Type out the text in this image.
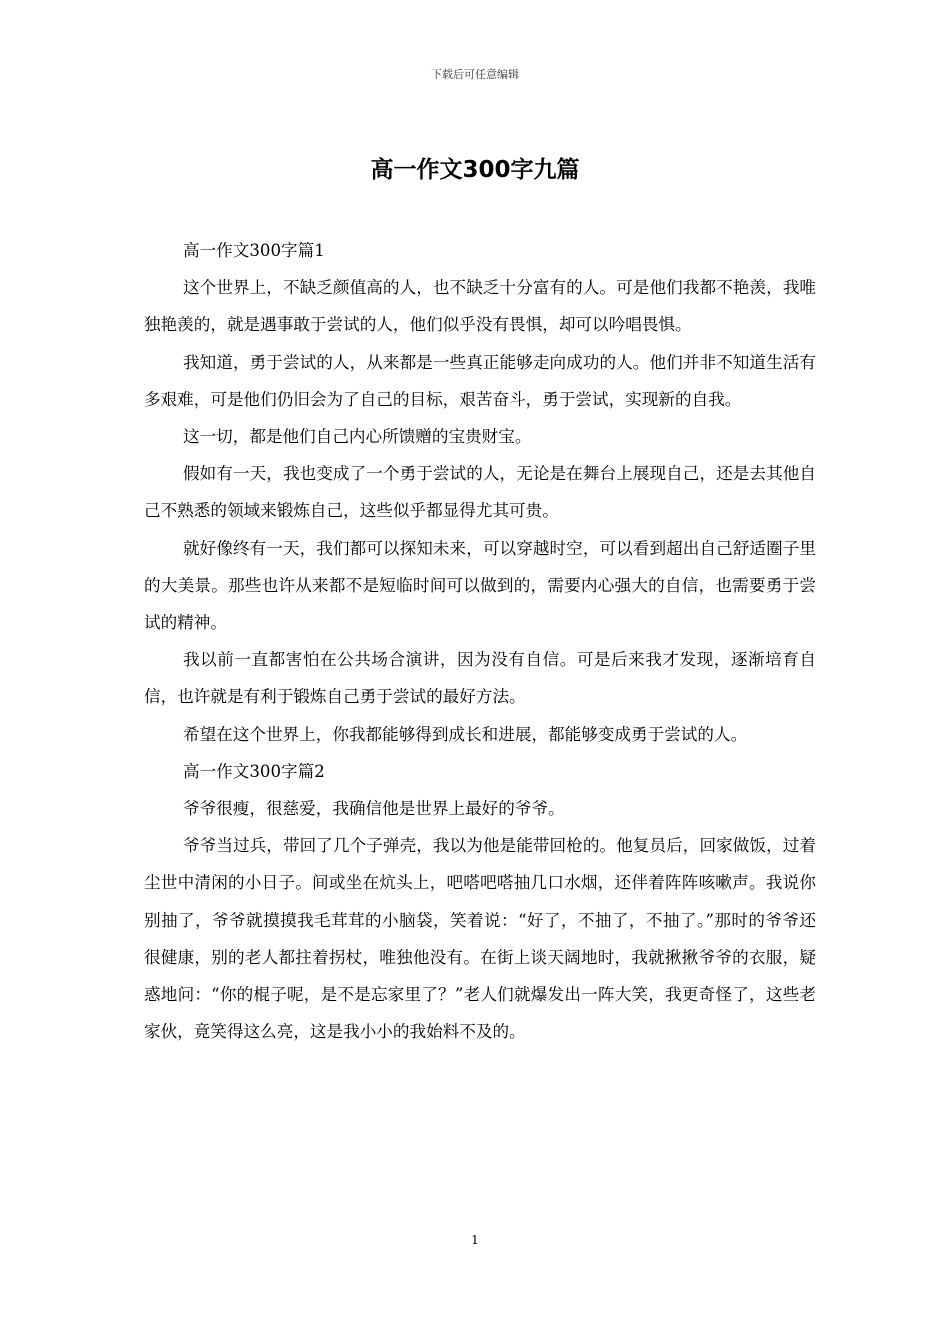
下载后可任意编辑
高一作文300字九篇

高一作文300字篇1

这个世界上，不缺乏颜值高的人，也不缺乏十分富有的人。可是他们我都不艳羡，我唯独艳羡的，就是遇事敢于尝试的人，他们似乎没有畏惧，却可以吟唱畏惧。

我知道，勇于尝试的人，从来都是一些真正能够走向成功的人。他们并非不知道生活有多艰难，可是他们仍旧会为了自己的目标，艰苦奋斗，勇于尝试，实现新的自我。

这一切，都是他们自己内心所馈赠的宝贵财宝。

假如有一天，我也变成了一个勇于尝试的人，无论是在舞台上展现自己，还是去其他自己不熟悉的领域来锻炼自己，这些似乎都显得尤其可贵。

就好像终有一天，我们都可以探知未来，可以穿越时空，可以看到超出自己舒适圈子里的大美景。那些也许从来都不是短临时间可以做到的，需要内心强大的自信，也需要勇于尝试的精神。

我以前一直都害怕在公共场合演讲，因为没有自信。可是后来我才发现，逐渐培育自信，也许就是有利于锻炼自己勇于尝试的最好方法。

希望在这个世界上，你我都能够得到成长和进展，都能够变成勇于尝试的人。

高一作文300字篇2

爷爷很瘦，很慈爱，我确信他是世界上最好的爷爷。

爷爷当过兵，带回了几个子弹壳，我以为他是能带回枪的。他复员后，回家做饭，过着尘世中清闲的小日子。间或坐在炕头上，吧嗒吧嗒抽几口水烟，还伴着阵阵咳嗽声。我说你别抽了，爷爷就摸摸我毛茸茸的小脑袋，笑着说：“好了，不抽了，不抽了。”那时的爷爷还很健康，别的老人都拄着拐杖，唯独他没有。在街上谈天阔地时，我就揪揪爷爷的衣服，疑惑地问：“你的棍子呢，是不是忘家里了？”老人们就爆发出一阵大笑，我更奇怪了，这些老家伙，竟笑得这么亮，这是我小小的我始料不及的。

1
